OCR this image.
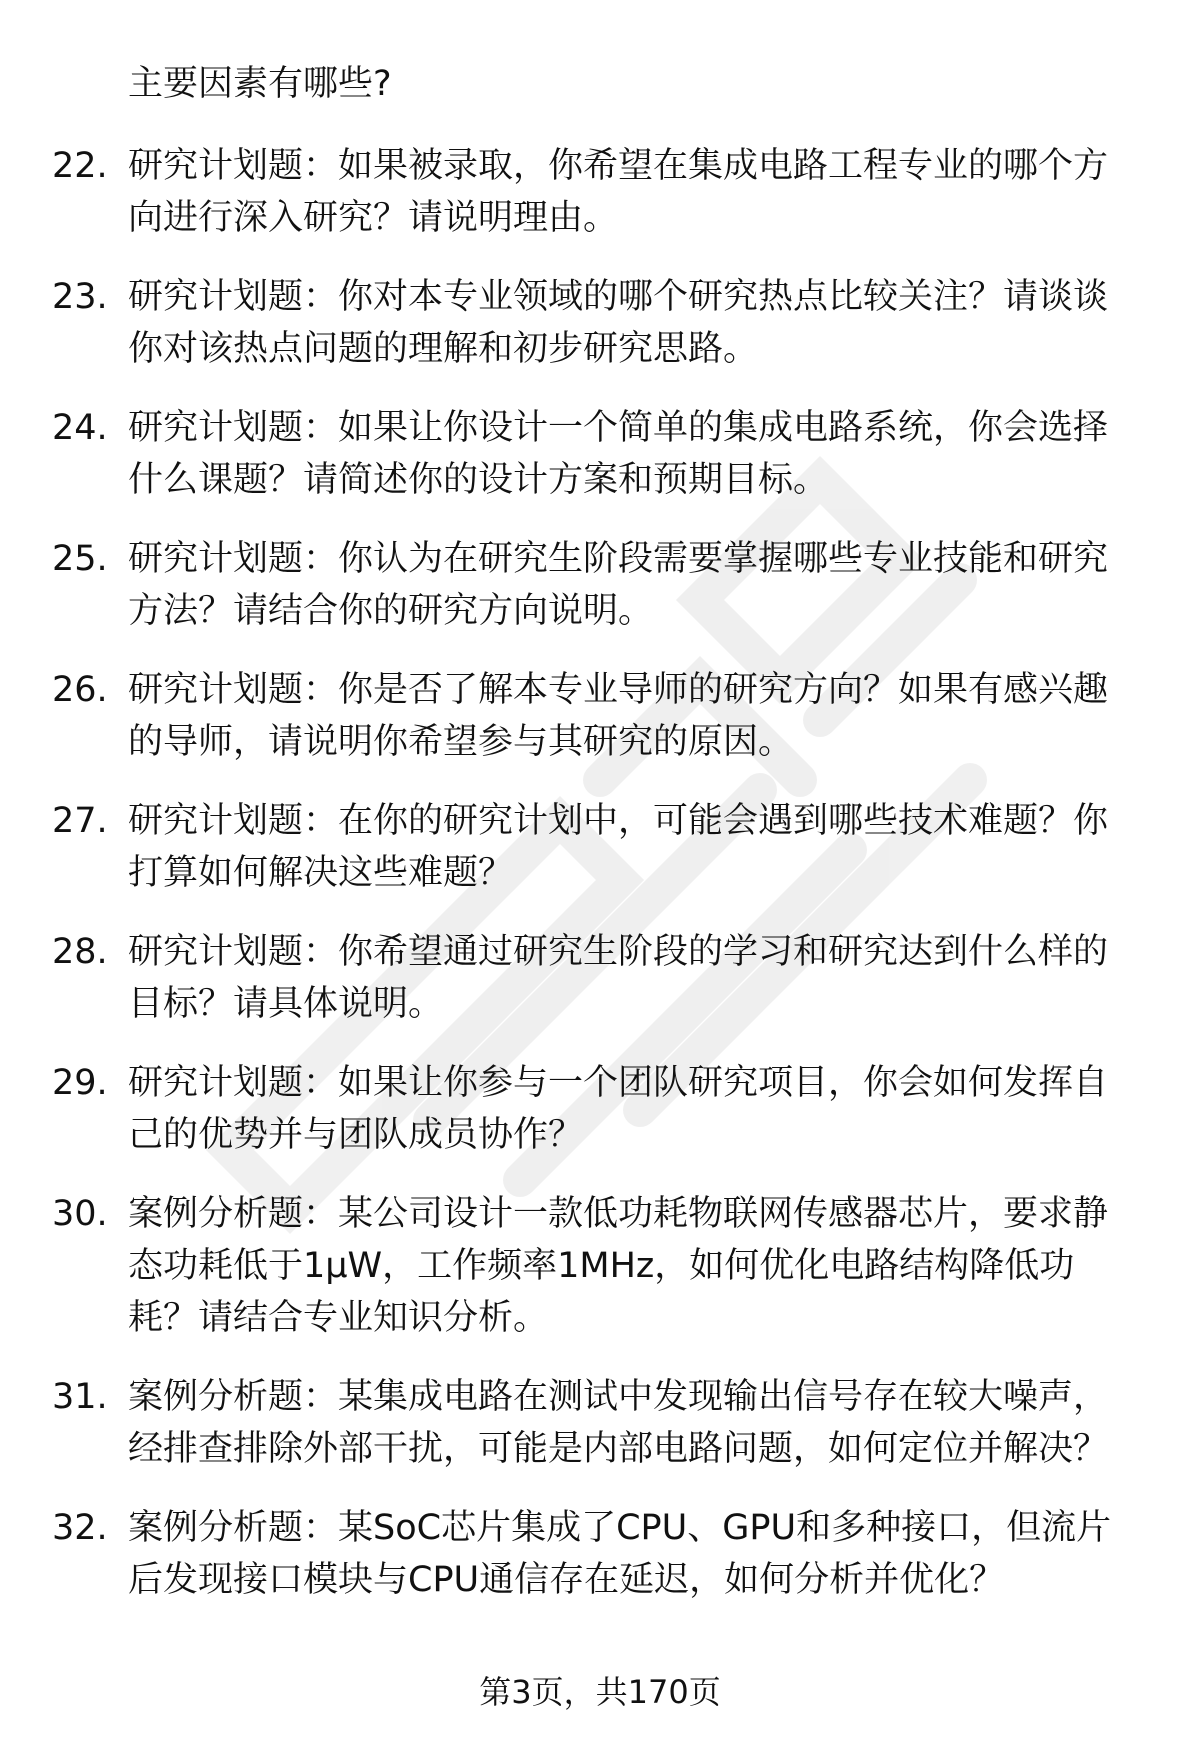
主要因素有哪些?
22. 研究计划题：如果被录取，你希望在集成电路工程专业的哪个方
向进行深入研究？请说明理由。
23. 研究计划题：你对本专业领域的哪个研究热点比较关注？请谈谈
你对该热点问题的理解和初步研究思路。
24. 研究计划题：如果让你设计一个简单的集成电路系统，你会选择
什么课题？请简述你的设计方案和预期目标。
25. 研究计划题：你认为在研究生阶段需要掌握哪些专业技能和研究
方法？请结合你的研究方向说明。
26. 研究计划题：你是否了解本专业导师的研究方向？如果有感兴趣
的导师，请说明你希望参与其研究的原因。
27. 研究计划题：在你的研究计划中，可能会遇到哪些技术难题？你
打算如何解决这些难题？
28. 研究计划题：你希望通过研究生阶段的学习和研究达到什么样的
目标？请具体说明。
29. 研究计划题：如果让你参与一个团队研究项目，你会如何发挥自
己的优势并与团队成员协作？
30. 案例分析题：某公司设计一款低功耗物联网传感器芯片，要求静
态功耗低于1μW，工作频率1MHz，如何优化电路结构降低功
耗？请结合专业知识分析。
31. 案例分析题：某集成电路在测试中发现输出信号存在较大噪声，
经排查排除外部干扰，可能是内部电路问题，如何定位并解决？
32. 案例分析题：某SoC芯片集成了CPU、GPU和多种接口，但流片
后发现接口模块与CPU通信存在延迟，如何分析并优化？
第3页，共170页
